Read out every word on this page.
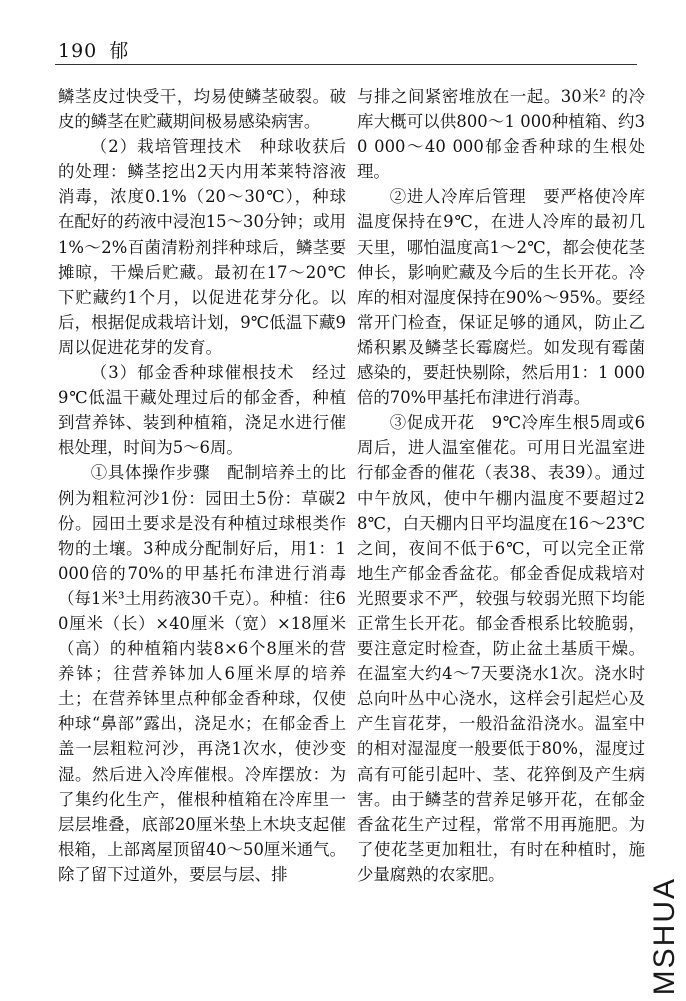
190 郁

鳞茎皮过快受干，均易使鳞茎破裂。破皮的鳞茎在贮藏期间极易感染病害。

（2）栽培管理技术　种球收获后的处理：鳞茎挖出2天内用苯莱特溶液消毒，浓度0.1%（20～30℃），种球在配好的药液中浸泡15～30分钟；或用1%～2%百菌清粉剂拌种球后，鳞茎要摊晾，干燥后贮藏。最初在17～20℃下贮藏约1个月，以促进花芽分化。以后，根据促成栽培计划，9℃低温下藏9周以促进花芽的发育。

（3）郁金香种球催根技术　经过9℃低温干藏处理过后的郁金香，种植到营养钵、装到种植箱，浇足水进行催根处理，时间为5～6周。

①具体操作步骤　配制培养土的比例为粗粒河沙1份：园田土5份：草碳2份。园田土要求是没有种植过球根类作物的土壤。3种成分配制好后，用1：1 000倍的70%的甲基托布津进行消毒（每1米³土用药液30千克）。种植：往60厘米（长）×40厘米（宽）×18厘米（高）的种植箱内装8×6个8厘米的营养钵；往营养钵加人6厘米厚的培养土；在营养钵里点种郁金香种球，仅使种球“鼻部”露出，浇足水；在郁金香上盖一层粗粒河沙，再浇1次水，使沙变湿。然后进入冷库催根。冷库摆放：为了集约化生产，催根种植箱在冷库里一层层堆叠，底部20厘米垫上木块支起催根箱，上部离屋顶留40～50厘米通气。除了留下过道外，要层与层、排

与排之间紧密堆放在一起。30米² 的冷库大概可以供800～1 000种植箱、约30 000～40 000郁金香种球的生根处理。

②进人冷库后管理　要严格使冷库温度保持在9℃，在进人冷库的最初几天里，哪怕温度高1～2℃，都会使花茎伸长，影响贮藏及今后的生长开花。冷库的相对湿度保持在90%～95%。要经常开门检查，保证足够的通风，防止乙烯积累及鳞茎长霉腐烂。如发现有霉菌感染的，要赶快剔除，然后用1：1 000倍的70%甲基托布津进行消毒。

③促成开花　9℃冷库生根5周或6周后，进人温室催花。可用日光温室进行郁金香的催花（表38、表39）。通过中午放风，使中午棚内温度不要超过28℃，白天棚内日平均温度在16～23℃之间，夜间不低于6℃，可以完全正常地生产郁金香盆花。郁金香促成栽培对光照要求不严，较强与较弱光照下均能正常生长开花。郁金香根系比较脆弱，要注意定时检查，防止盆土基质干燥。在温室大约4～7天要浇水1次。浇水时总向叶丛中心浇水，这样会引起烂心及产生盲花芽，一般沿盆沿浇水。温室中的相对湿湿度一般要低于80%，湿度过高有可能引起叶、茎、花猝倒及产生病害。由于鳞茎的营养足够开花，在郁金香盆花生产过程，常常不用再施肥。为了使花茎更加粗壮，有时在种植时，施少量腐熟的农家肥。

MSHUA
